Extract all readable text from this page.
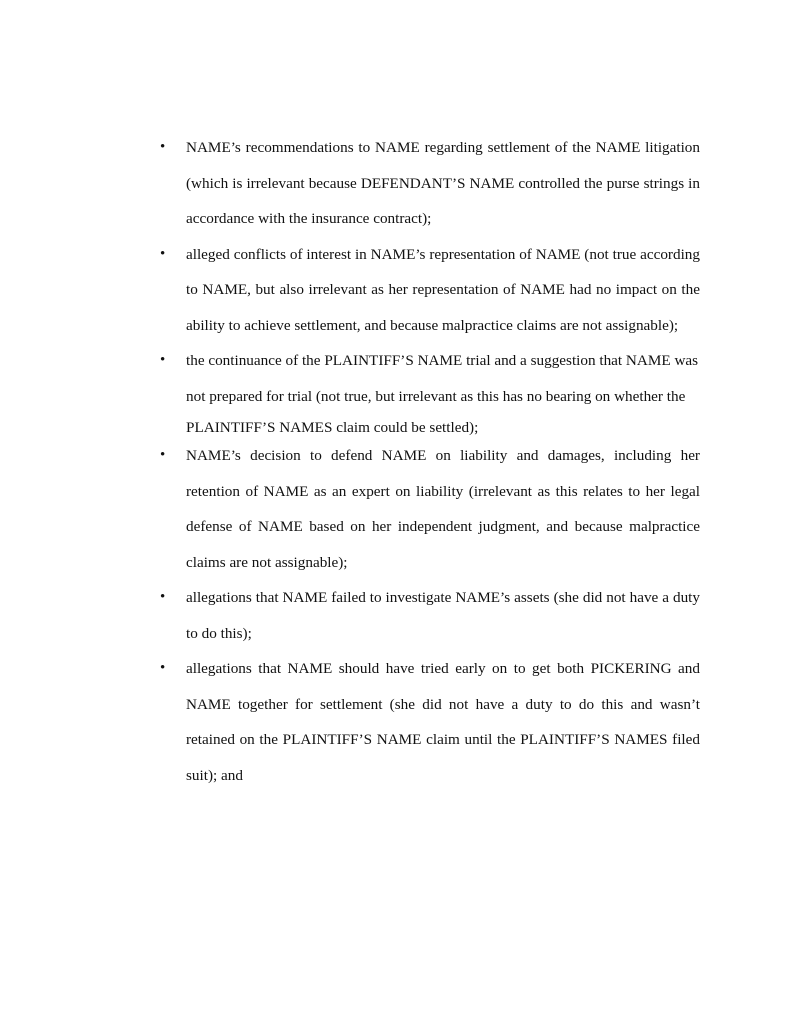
• NAME’s recommendations to NAME regarding settlement of the NAME litigation (which is irrelevant because DEFENDANT’S NAME controlled the purse strings in accordance with the insurance contract);
• alleged conflicts of interest in NAME’s representation of NAME (not true according to NAME, but also irrelevant as her representation of NAME had no impact on the ability to achieve settlement, and because malpractice claims are not assignable);
• the continuance of the PLAINTIFF’S NAME trial and a suggestion that NAME was not prepared for trial (not true, but irrelevant as this has no bearing on whether the
PLAINTIFF’S NAMES claim could be settled);
• NAME’s decision to defend NAME on liability and damages, including her retention of NAME as an expert on liability (irrelevant as this relates to her legal defense of NAME based on her independent judgment, and because malpractice claims are not assignable);
• allegations that NAME failed to investigate NAME’s assets (she did not have a duty to do this);
• allegations that NAME should have tried early on to get both PICKERING and NAME together for settlement (she did not have a duty to do this and wasn’t retained on the PLAINTIFF’S NAME claim until the PLAINTIFF’S NAMES filed suit); and
